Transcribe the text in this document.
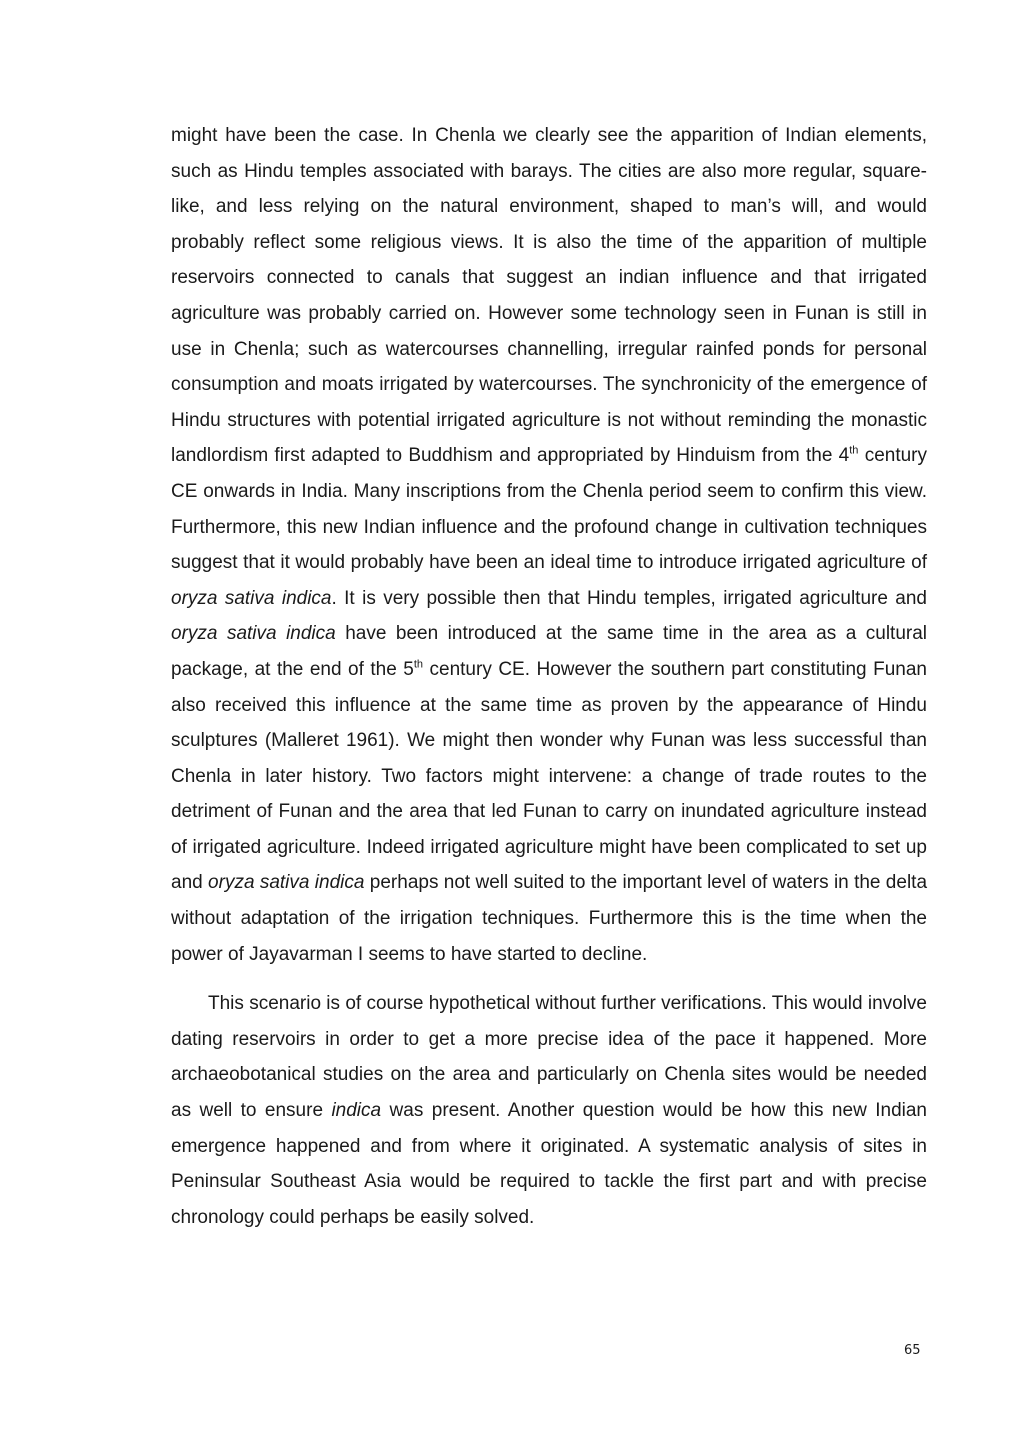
might have been the case. In Chenla we clearly see the apparition of Indian elements, such as Hindu temples associated with barays. The cities are also more regular, square-like, and less relying on the natural environment, shaped to man’s will, and would probably reflect some religious views. It is also the time of the apparition of multiple reservoirs connected to canals that suggest an indian influence and that irrigated agriculture was probably carried on. However some technology seen in Funan is still in use in Chenla; such as watercourses channelling, irregular rainfed ponds for personal consumption and moats irrigated by watercourses. The synchronicity of the emergence of Hindu structures with potential irrigated agriculture is not without reminding the monastic landlordism first adapted to Buddhism and appropriated by Hinduism from the 4th century CE onwards in India. Many inscriptions from the Chenla period seem to confirm this view. Furthermore, this new Indian influence and the profound change in cultivation techniques suggest that it would probably have been an ideal time to introduce irrigated agriculture of oryza sativa indica. It is very possible then that Hindu temples, irrigated agriculture and oryza sativa indica have been introduced at the same time in the area as a cultural package, at the end of the 5th century CE. However the southern part constituting Funan also received this influence at the same time as proven by the appearance of Hindu sculptures (Malleret 1961). We might then wonder why Funan was less successful than Chenla in later history. Two factors might intervene: a change of trade routes to the detriment of Funan and the area that led Funan to carry on inundated agriculture instead of irrigated agriculture. Indeed irrigated agriculture might have been complicated to set up and oryza sativa indica perhaps not well suited to the important level of waters in the delta without adaptation of the irrigation techniques. Furthermore this is the time when the power of Jayavarman I seems to have started to decline.

This scenario is of course hypothetical without further verifications. This would involve dating reservoirs in order to get a more precise idea of the pace it happened. More archaeobotanical studies on the area and particularly on Chenla sites would be needed as well to ensure indica was present. Another question would be how this new Indian emergence happened and from where it originated. A systematic analysis of sites in Peninsular Southeast Asia would be required to tackle the first part and with precise chronology could perhaps be easily solved.

65
